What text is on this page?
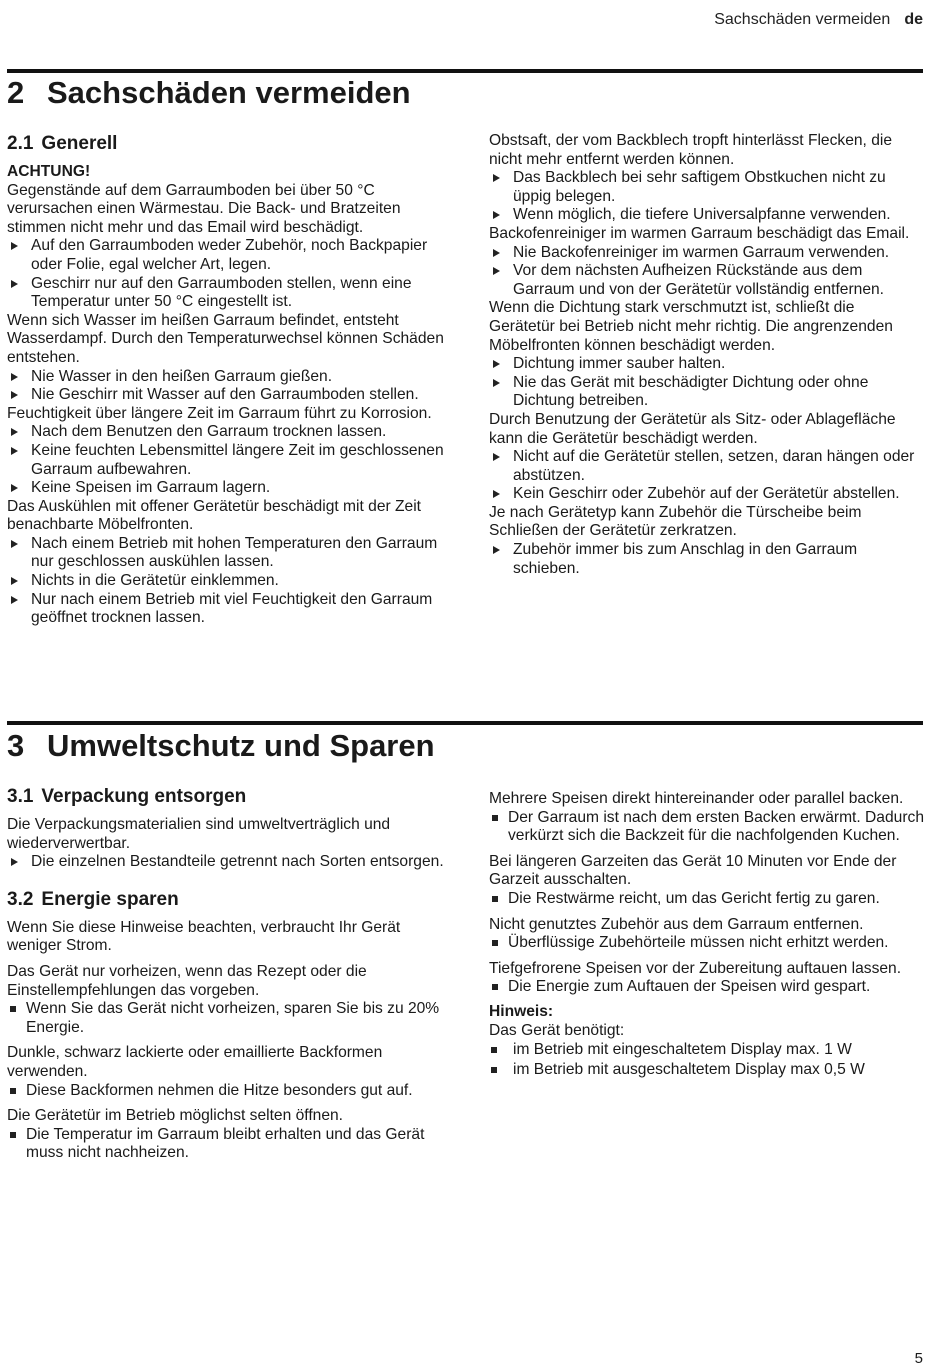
Sachschäden vermeiden de
2 Sachschäden vermeiden
2.1 Generell

ACHTUNG!

Gegenstände auf dem Garraumboden bei über 50 °C verursachen einen Wärmestau. Die Back- und Bratzeiten stimmen nicht mehr und das Email wird beschädigt.

Auf den Garraumboden weder Zubehör, noch Backpapier oder Folie, egal welcher Art, legen.
Geschirr nur auf den Garraumboden stellen, wenn eine Temperatur unter 50 °C eingestellt ist.

Wenn sich Wasser im heißen Garraum befindet, entsteht Wasserdampf. Durch den Temperaturwechsel können Schäden entstehen.

Nie Wasser in den heißen Garraum gießen.
Nie Geschirr mit Wasser auf den Garraumboden stellen.

Feuchtigkeit über längere Zeit im Garraum führt zu Korrosion.

Nach dem Benutzen den Garraum trocknen lassen.
Keine feuchten Lebensmittel längere Zeit im geschlossenen Garraum aufbewahren.
Keine Speisen im Garraum lagern.

Das Auskühlen mit offener Gerätetür beschädigt mit der Zeit benachbarte Möbelfronten.

Nach einem Betrieb mit hohen Temperaturen den Garraum nur geschlossen auskühlen lassen.
Nichts in die Gerätetür einklemmen.
Nur nach einem Betrieb mit viel Feuchtigkeit den Garraum geöffnet trocknen lassen.

Obstsaft, der vom Backblech tropft hinterlässt Flecken, die nicht mehr entfernt werden können.

Das Backblech bei sehr saftigem Obstkuchen nicht zu üppig belegen.
Wenn möglich, die tiefere Universalpfanne verwenden.

Backofenreiniger im warmen Garraum beschädigt das Email.

Nie Backofenreiniger im warmen Garraum verwenden.
Vor dem nächsten Aufheizen Rückstände aus dem Garraum und von der Gerätetür vollständig entfernen.

Wenn die Dichtung stark verschmutzt ist, schließt die Gerätetür bei Betrieb nicht mehr richtig. Die angrenzenden Möbelfronten können beschädigt werden.

Dichtung immer sauber halten.
Nie das Gerät mit beschädigter Dichtung oder ohne Dichtung betreiben.

Durch Benutzung der Gerätetür als Sitz- oder Ablagefläche kann die Gerätetür beschädigt werden.

Nicht auf die Gerätetür stellen, setzen, daran hängen oder abstützen.
Kein Geschirr oder Zubehör auf der Gerätetür abstellen.

Je nach Gerätetyp kann Zubehör die Türscheibe beim Schließen der Gerätetür zerkratzen.

Zubehör immer bis zum Anschlag in den Garraum schieben.
3 Umweltschutz und Sparen
3.1 Verpackung entsorgen

Die Verpackungsmaterialien sind umweltverträglich und wiederverwertbar.

Die einzelnen Bestandteile getrennt nach Sorten entsorgen.
3.2 Energie sparen

Wenn Sie diese Hinweise beachten, verbraucht Ihr Gerät weniger Strom.

Das Gerät nur vorheizen, wenn das Rezept oder die Einstellempfehlungen das vorgeben.

Wenn Sie das Gerät nicht vorheizen, sparen Sie bis zu 20% Energie.

Dunkle, schwarz lackierte oder emaillierte Backformen verwenden.

Diese Backformen nehmen die Hitze besonders gut auf.

Die Gerätetür im Betrieb möglichst selten öffnen.

Die Temperatur im Garraum bleibt erhalten und das Gerät muss nicht nachheizen.

Mehrere Speisen direkt hintereinander oder parallel backen.

Der Garraum ist nach dem ersten Backen erwärmt. Dadurch verkürzt sich die Backzeit für die nachfolgenden Kuchen.

Bei längeren Garzeiten das Gerät 10 Minuten vor Ende der Garzeit ausschalten.

Die Restwärme reicht, um das Gericht fertig zu garen.

Nicht genutztes Zubehör aus dem Garraum entfernen.

Überflüssige Zubehörteile müssen nicht erhitzt werden.

Tiefgefrorene Speisen vor der Zubereitung auftauen lassen.

Die Energie zum Auftauen der Speisen wird gespart.

Hinweis:

Das Gerät benötigt:

im Betrieb mit eingeschaltetem Display max. 1 W
im Betrieb mit ausgeschaltetem Display max 0,5 W
5
